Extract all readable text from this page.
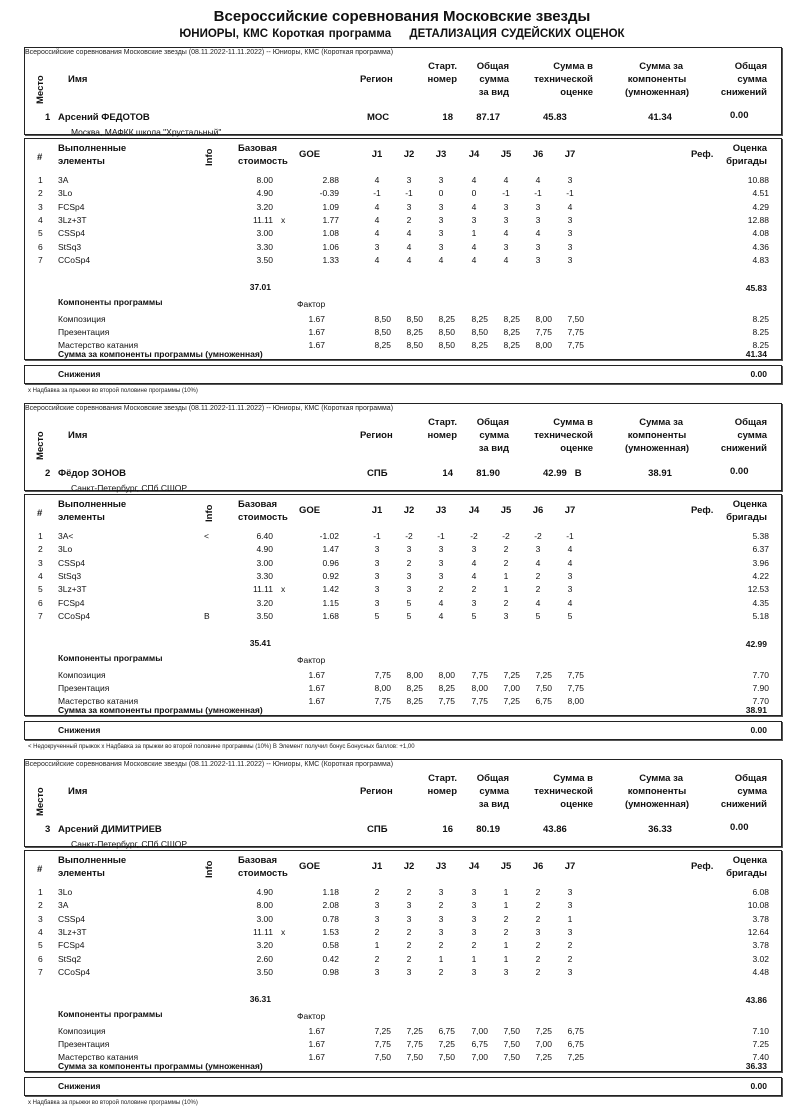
Всероссийские соревнования Московские звезды
ЮНИОРЫ, КМС Короткая программа ДЕТАЛИЗАЦИЯ СУДЕЙСКИХ ОЦЕНОК
Всероссийские соревнования Московские звезды (08.11.2022-11.11.2022) -- Юниоры, КМС (Короткая программа)
Место Имя	Регион
Старт.
номер
Общая
сумма
за вид
Сумма в
технической
оценке
Сумма за
компоненты
(умноженная)
Общая
сумма
снижений
1 Арсений ФЕДОТОВ
Москва, МАФКК школа "Хрустальный"
МОС	18 87.17	45.83	41.34	0.00
#
Выполненные
элементы	Info
Базовая
стоимость
GOE	J1	J2	J3	J4	J5	J6	J7	Реф.
Оценка
бригады
1 3A	8.00	2.88	4	3	3	4	4	4	3	10.88
2 3Lo	4.90	-0.39	-1	-1	0	0	-1	-1	-1	4.51
3 FCSp4	3.20	1.09	4	3	3	4	3	3	4	4.29
4 3Lz+3T	11.11 x	1.77	4	2	3	3	3	3	3	12.88
5 CSSp4	3.00	1.08	4	4	3	1	4	4	3	4.08
6 StSq3	3.30	1.06	3	4	3	4	3	3	3	4.36
7 CCoSp4	3.50	1.33	4	4	4	4	4	3	3	4.83
37.01	45.83
Компоненты программы	Фактор
Композиция	1.67	8,50	8,50	8,25	8,25	8,25	8,00	7,50	8.25
Презентация	1.67	8,50	8,25	8,50	8,50	8,25	7,75	7,75	8.25
Мастерство катания	1.67	8,25	8,50	8,50	8,25	8,25	8,00	7,75	8.25
Сумма за компоненты программы (умноженная)	41.34
Снижения	0.00
x Надбавка за прыжки во второй половине программы (10%)
Всероссийские соревнования Московские звезды (08.11.2022-11.11.2022) -- Юниоры, КМС (Короткая программа)
Место Имя	Регион
Старт.
номер
Общая
сумма
за вид
Сумма в
технической
оценке
Сумма за
компоненты
(умноженная)
Общая
сумма
снижений
2 Фёдор ЗОНОВ
Санкт-Петербург, СПб СШОР
СПБ	14 81.90	42.99 B	38.91	0.00
#
Выполненные
элементы	Info
Базовая
стоимость
GOE	J1	J2	J3	J4	J5	J6	J7	Реф.
Оценка
бригады
1 3A<	<	6.40	-1.02	-1	-2	-1	-2	-2	-2	-1	5.38
2 3Lo	4.90	1.47	3	3	3	3	2	3	4	6.37
3 CSSp4	3.00	0.96	3	2	3	4	2	4	4	3.96
4 StSq3	3.30	0.92	3	3	3	4	1	2	3	4.22
5 3Lz+3T	11.11 x	1.42	3	3	2	2	1	2	3	12.53
6 FCSp4	3.20	1.15	3	5	4	3	2	4	4	4.35
7 CCoSp4	B	3.50	1.68	5	5	4	5	3	5	5	5.18
35.41	42.99
Компоненты программы	Фактор
Композиция	1.67	7,75	8,00	8,00	7,75	7,25	7,25	7,75	7.70
Презентация	1.67	8,00	8,25	8,25	8,00	7,00	7,50	7,75	7.90
Мастерство катания	1.67	7,75	8,25	7,75	7,75	7,25	6,75	8,00	7.70
Сумма за компоненты программы (умноженная)	38.91
Снижения	0.00
< Недокрученный прыжок x Надбавка за прыжки во второй половине программы (10%) B Элемент получил бонус Бонусных баллов: +1,00
Всероссийские соревнования Московские звезды (08.11.2022-11.11.2022) -- Юниоры, КМС (Короткая программа)
Место Имя	Регион
Старт.
номер
Общая
сумма
за вид
Сумма в
технической
оценке
Сумма за
компоненты
(умноженная)
Общая
сумма
снижений
3 Арсений ДИМИТРИЕВ
Санкт-Петербург, СПб СШОР
СПБ	16 80.19	43.86	36.33	0.00
#
Выполненные
элементы	Info
Базовая
стоимость
GOE	J1	J2	J3	J4	J5	J6	J7	Реф.
Оценка
бригады
1 3Lo	4.90	1.18	2	2	3	3	1	2	3	6.08
2 3A	8.00	2.08	3	3	2	3	1	2	3	10.08
3 CSSp4	3.00	0.78	3	3	3	3	2	2	1	3.78
4 3Lz+3T	11.11 x	1.53	2	2	3	3	2	3	3	12.64
5 FCSp4	3.20	0.58	1	2	2	2	1	2	2	3.78
6 StSq2	2.60	0.42	2	2	1	1	1	2	2	3.02
7 CCoSp4	3.50	0.98	3	3	2	3	3	2	3	4.48
36.31	43.86
Компоненты программы	Фактор
Композиция	1.67	7,25	7,25	6,75	7,00	7,50	7,25	6,75	7.10
Презентация	1.67	7,75	7,75	7,25	6,75	7,50	7,00	6,75	7.25
Мастерство катания	1.67	7,50	7,50	7,50	7,00	7,50	7,25	7,25	7.40
Сумма за компоненты программы (умноженная)	36.33
Снижения	0.00
x Надбавка за прыжки во второй половине программы (10%)
